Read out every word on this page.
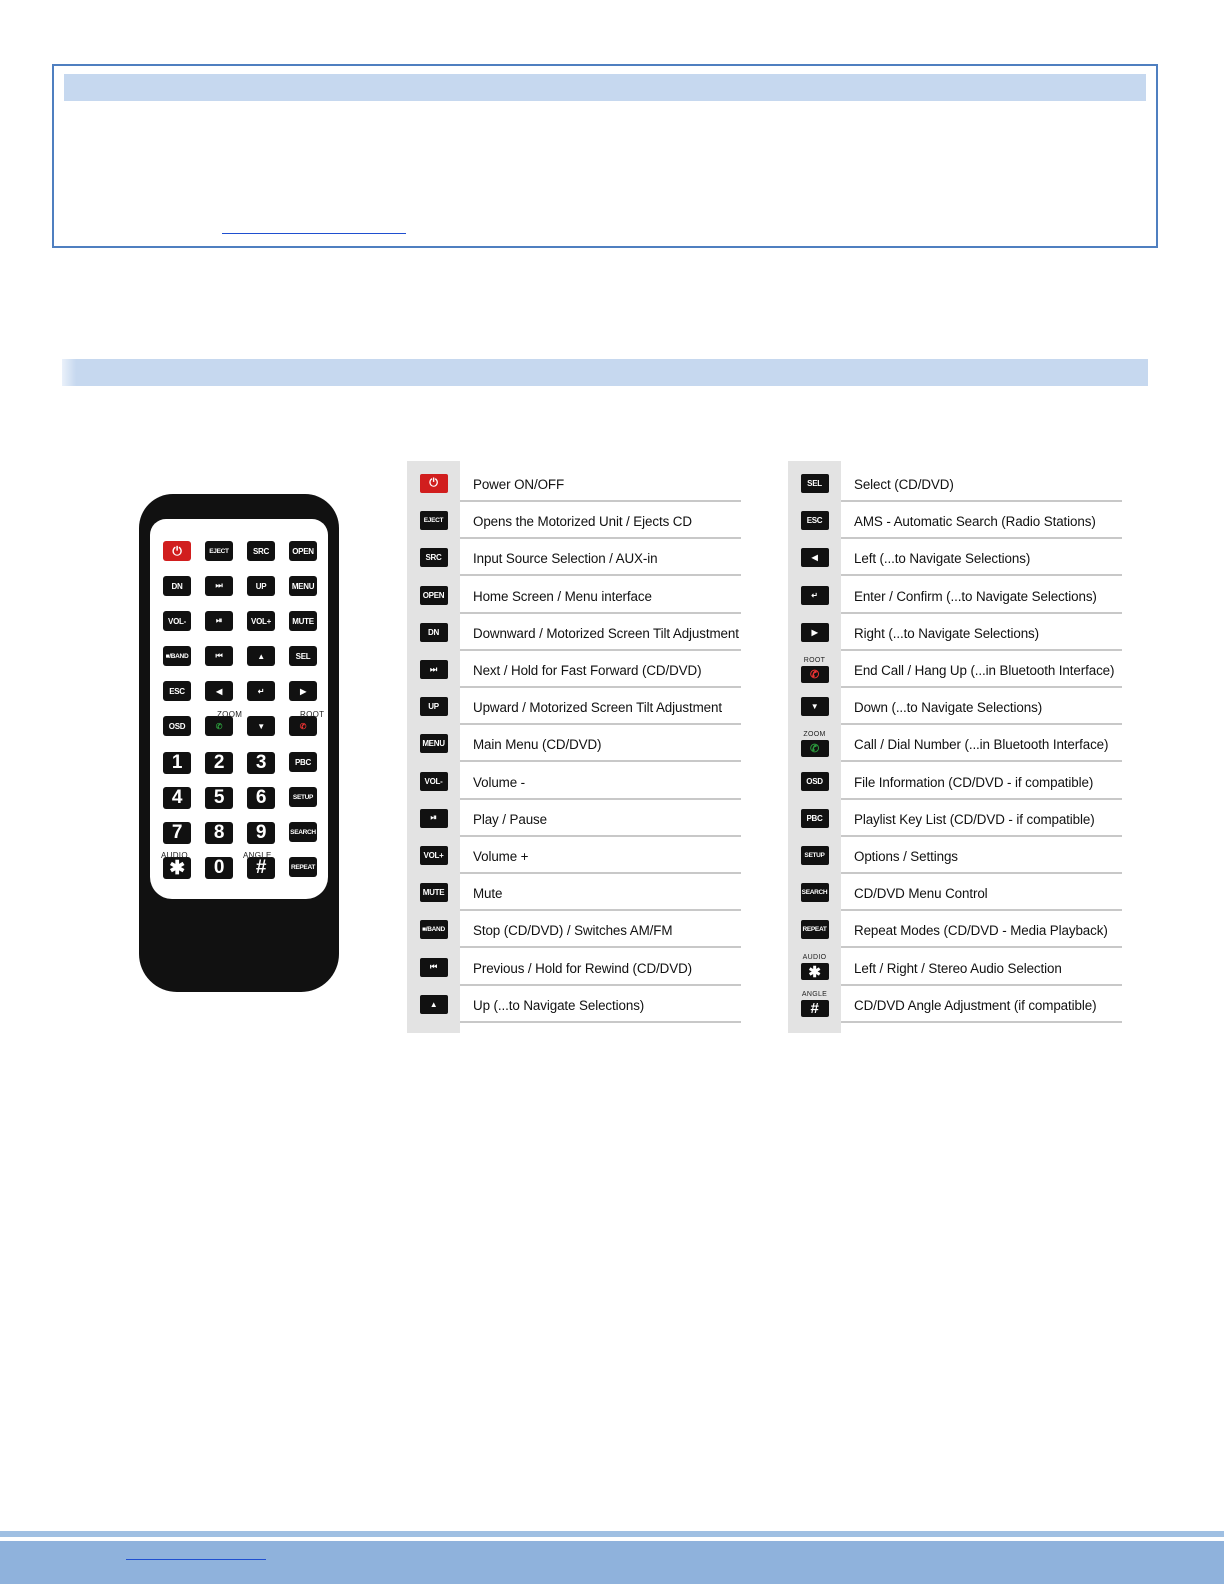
⏻	EJECT	SRC	OPEN
DN	⏭	UP	MENU
VOL-	⏯	VOL+	MUTE
■/BAND	⏮	▲	SEL
ESC	◀	↵	▶
OSD	✆	▼	✆
1	2	3	PBC
4	5	6	SETUP
7	8	9	SEARCH
✱	0	#	REPEAT
ZOOM	ROOT
AUDIO	ANGLE
⏻	Power ON/OFF
EJECT	Opens the Motorized Unit / Ejects CD
SRC	Input Source Selection / AUX-in
OPEN Home Screen / Menu interface
DN	Downward / Motorized Screen Tilt Adjustment
⏭	Next / Hold for Fast Forward (CD/DVD)
UP	Upward / Motorized Screen Tilt Adjustment
MENU Main Menu (CD/DVD)
VOL-	Volume -
⏯	Play / Pause
VOL+	Volume +
MUTE Mute
■/BAND Stop (CD/DVD) / Switches AM/FM
⏮	Previous / Hold for Rewind (CD/DVD)
▲	Up (...to Navigate Selections)
SEL	Select (CD/DVD)
ESC	AMS - Automatic Search (Radio Stations)
◀	Left (...to Navigate Selections)
↵	Enter / Confirm (...to Navigate Selections)
▶	Right (...to Navigate Selections)
ROOT
✆	End Call / Hang Up (...in Bluetooth Interface)
▼	Down (...to Navigate Selections)
ZOOM
✆	Call / Dial Number (...in Bluetooth Interface)
OSD	File Information (CD/DVD - if compatible)
PBC	Playlist Key List (CD/DVD - if compatible)
SETUP Options / Settings
SEARCH CD/DVD Menu Control
REPEAT Repeat Modes (CD/DVD - Media Playback)
AUDIO
✱	Left / Right / Stereo Audio Selection
ANGLE
#	CD/DVD Angle Adjustment (if compatible)
